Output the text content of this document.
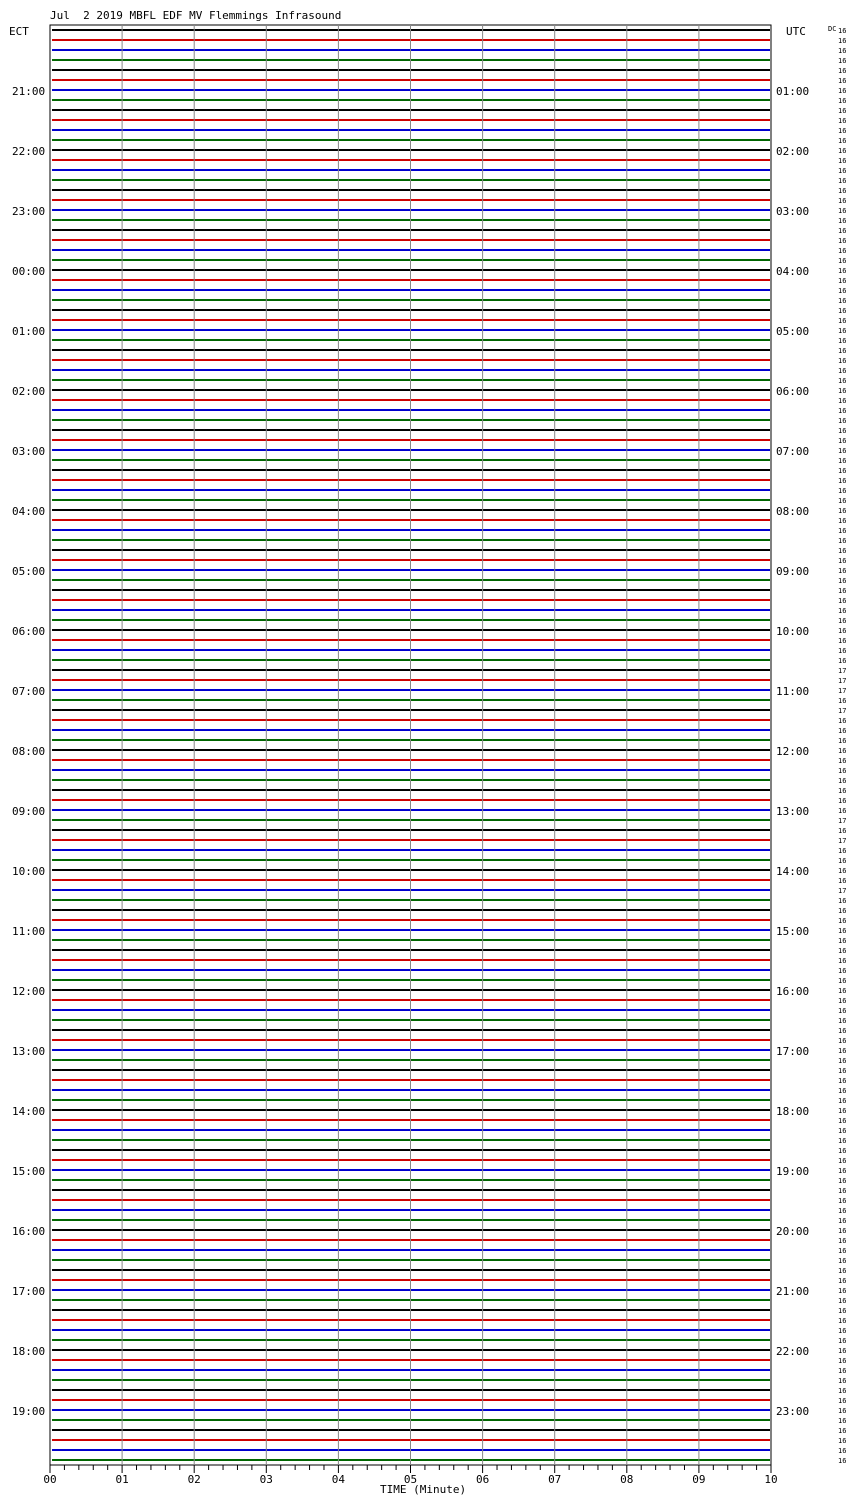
Jul  2 2019 MBFL EDF MV Flemmings Infrasound
ECT	UTC	DC
00	01	02	03	04	05	06	07	08	09	10
21:00
22:00
23:00
00:00
01:00
02:00
03:00
04:00
05:00
06:00
07:00
08:00
09:00
10:00
11:00
12:00
13:00
14:00
15:00
16:00
17:00
18:00
19:00
01:00
02:00
03:00
04:00
05:00
06:00
07:00
08:00
09:00
10:00
11:00
12:00
13:00
14:00
15:00
16:00
17:00
18:00
19:00
20:00
21:00
22:00
23:00
16
16
16
16
16
16
16
16
16
16
16
16
16
16
16
16
16
16
16
16
16
16
16
16
16
16
16
16
16
16
16
16
16
16
16
16
16
16
16
16
16
16
16
16
16
16
16
16
16
16
16
16
16
16
16
16
16
16
16
16
16
16
16
16
17
17
17
16
17
16
16
16
16
16
16
16
16
16
16
17
16
17
16
16
16
16
17
16
16
16
16
16
16
16
16
16
16
16
16
16
16
16
16
16
16
16
16
16
16
16
16
16
16
16
16
16
16
16
16
16
16
16
16
16
16
16
16
16
16
16
16
16
16
16
16
16
16
16
16
16
16
16
16
16
TIME (Minute)
